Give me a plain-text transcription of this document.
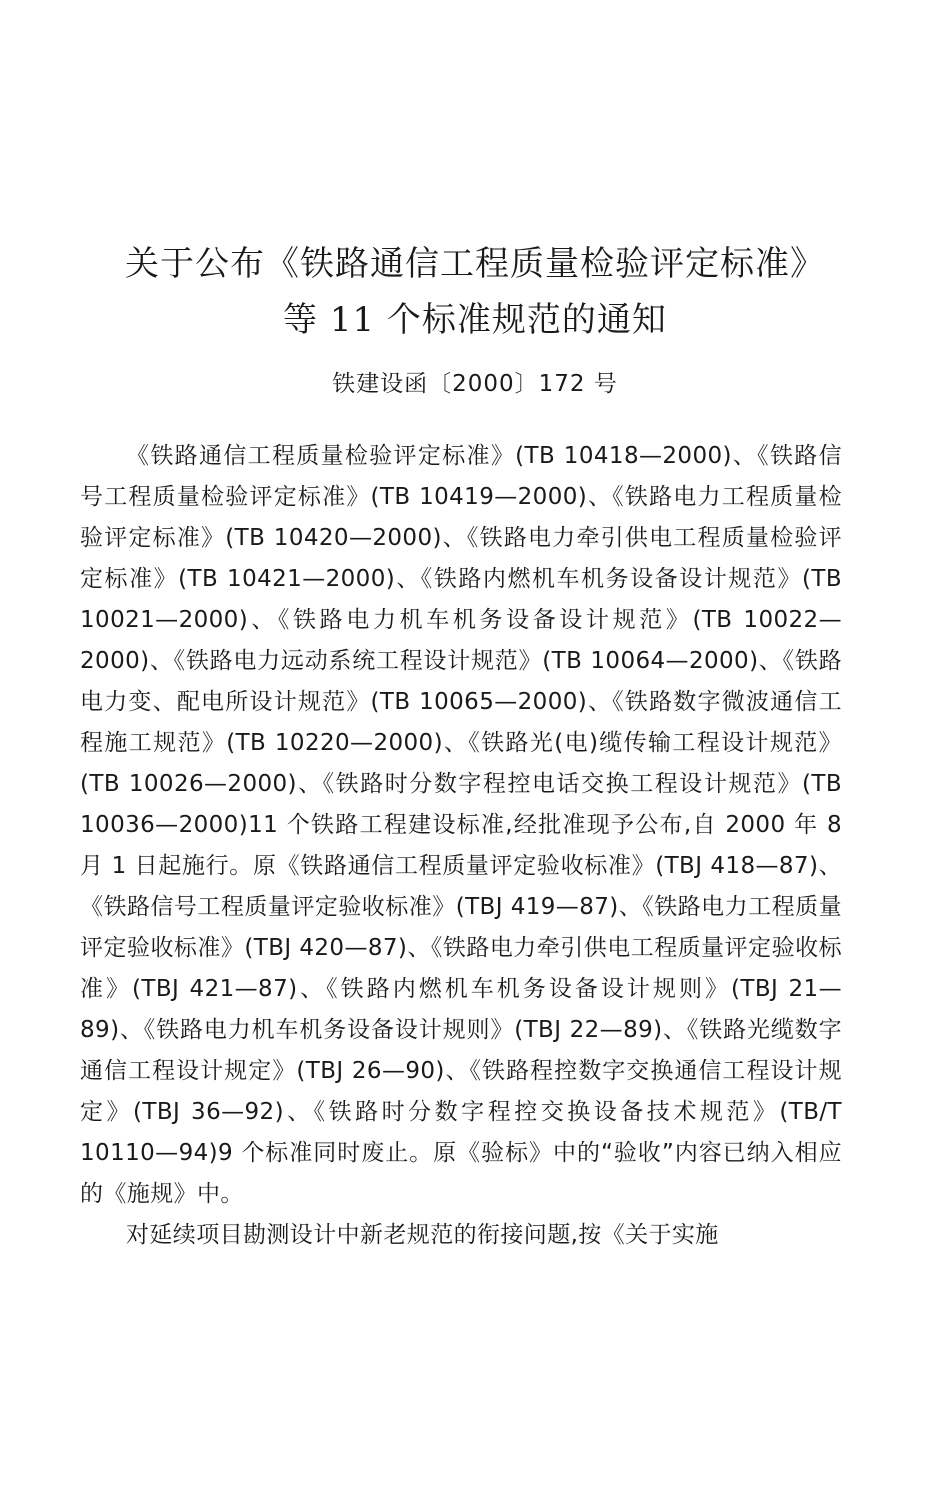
关于公布《铁路通信工程质量检验评定标准》
等 11 个标准规范的通知
铁建设函〔2000〕172 号

《铁路通信工程质量检验评定标准》(TB 10418—2000)、《铁路信号工程质量检验评定标准》(TB 10419—2000)、《铁路电力工程质量检验评定标准》(TB 10420—2000)、《铁路电力牵引供电工程质量检验评定标准》(TB 10421—2000)、《铁路内燃机车机务设备设计规范》(TB 10021—2000)、《铁路电力机车机务设备设计规范》(TB 10022—2000)、《铁路电力远动系统工程设计规范》(TB 10064—2000)、《铁路电力变、配电所设计规范》(TB 10065—2000)、《铁路数字微波通信工程施工规范》(TB 10220—2000)、《铁路光(电)缆传输工程设计规范》(TB 10026—2000)、《铁路时分数字程控电话交换工程设计规范》(TB 10036—2000)11 个铁路工程建设标准,经批准现予公布,自 2000 年 8 月 1 日起施行。原《铁路通信工程质量评定验收标准》(TBJ 418—87)、《铁路信号工程质量评定验收标准》(TBJ 419—87)、《铁路电力工程质量评定验收标准》(TBJ 420—87)、《铁路电力牵引供电工程质量评定验收标准》(TBJ 421—87)、《铁路内燃机车机务设备设计规则》(TBJ 21—89)、《铁路电力机车机务设备设计规则》(TBJ 22—89)、《铁路光缆数字通信工程设计规定》(TBJ 26—90)、《铁路程控数字交换通信工程设计规定》(TBJ 36—92)、《铁路时分数字程控交换设备技术规范》(TB/T 10110—94)9 个标准同时废止。原《验标》中的“验收”内容已纳入相应的《施规》中。

对延续项目勘测设计中新老规范的衔接问题,按《关于实施
